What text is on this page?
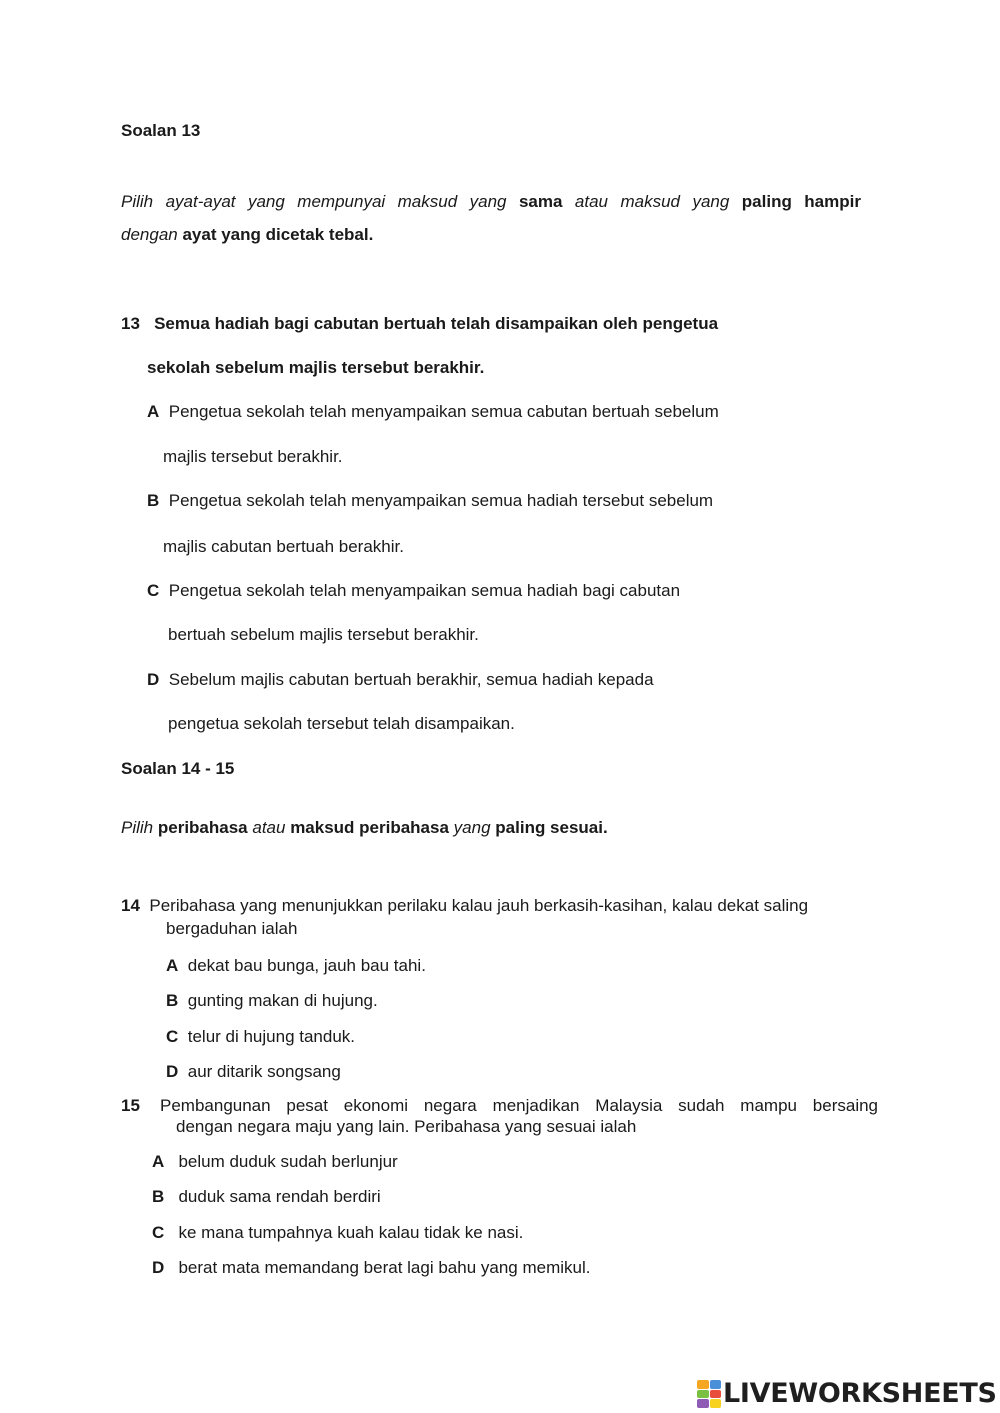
Soalan 13
Pilih ayat-ayat yang mempunyai maksud yang sama atau maksud yang paling hampir
dengan ayat yang dicetak tebal.
13 Semua hadiah bagi cabutan bertuah telah disampaikan oleh pengetua
sekolah sebelum majlis tersebut berakhir.
A Pengetua sekolah telah menyampaikan semua cabutan bertuah sebelum
majlis tersebut berakhir.
B Pengetua sekolah telah menyampaikan semua hadiah tersebut sebelum
majlis cabutan bertuah berakhir.
C Pengetua sekolah telah menyampaikan semua hadiah bagi cabutan
bertuah sebelum majlis tersebut berakhir.
D Sebelum majlis cabutan bertuah berakhir, semua hadiah kepada
pengetua sekolah tersebut telah disampaikan.
Soalan 14 - 15
Pilih peribahasa atau maksud peribahasa yang paling sesuai.
14 Peribahasa yang menunjukkan perilaku kalau jauh berkasih-kasihan, kalau dekat saling
bergaduhan ialah
A dekat bau bunga, jauh bau tahi.
B gunting makan di hujung.
C telur di hujung tanduk.
D aur ditarik songsang
15 Pembangunan pesat ekonomi negara menjadikan Malaysia sudah mampu bersaing
dengan negara maju yang lain. Peribahasa yang sesuai ialah
A belum duduk sudah berlunjur
B duduk sama rendah berdiri
C ke mana tumpahnya kuah kalau tidak ke nasi.
D berat mata memandang berat lagi bahu yang memikul.
LIVEWORKSHEETS
